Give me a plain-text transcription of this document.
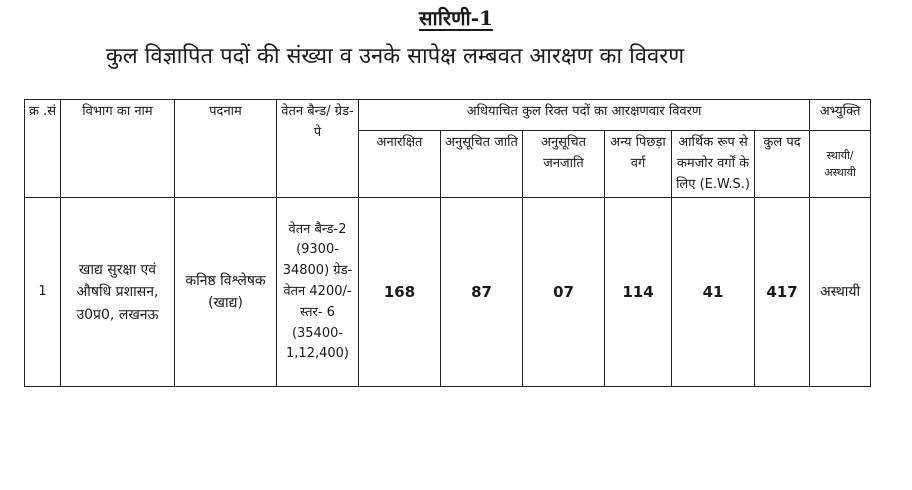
सारिणी-1
कुल विज्ञापित पदों की संख्या व उनके सापेक्ष लम्बवत आरक्षण का विवरण
क्र .सं	विभाग का नाम	पदनाम	वेतन बैन्ड/ ग्रेड-पे	अधियाचित कुल रिक्त पदों का आरक्षणवार विवरण						अभ्युक्ति
				अनारक्षित	अनुसूचित जाति	अनुसूचित जनजाति	अन्य पिछड़ा वर्ग	आर्थिक रूप से कमजोर वर्गों के लिए (E.W.S.)	कुल पद	स्थायी/ अस्थायी
1	खाद्य सुरक्षा एवं औषधि प्रशासन, उ0प्र0, लखनऊ	कनिष्ठ विश्लेषक (खाद्य)	वेतन बैन्ड-2 (9300- 34800) ग्रेड- वेतन 4200/- स्तर- 6 (35400- 1,12,400)	168	87	07	114	41	417	अस्थायी
